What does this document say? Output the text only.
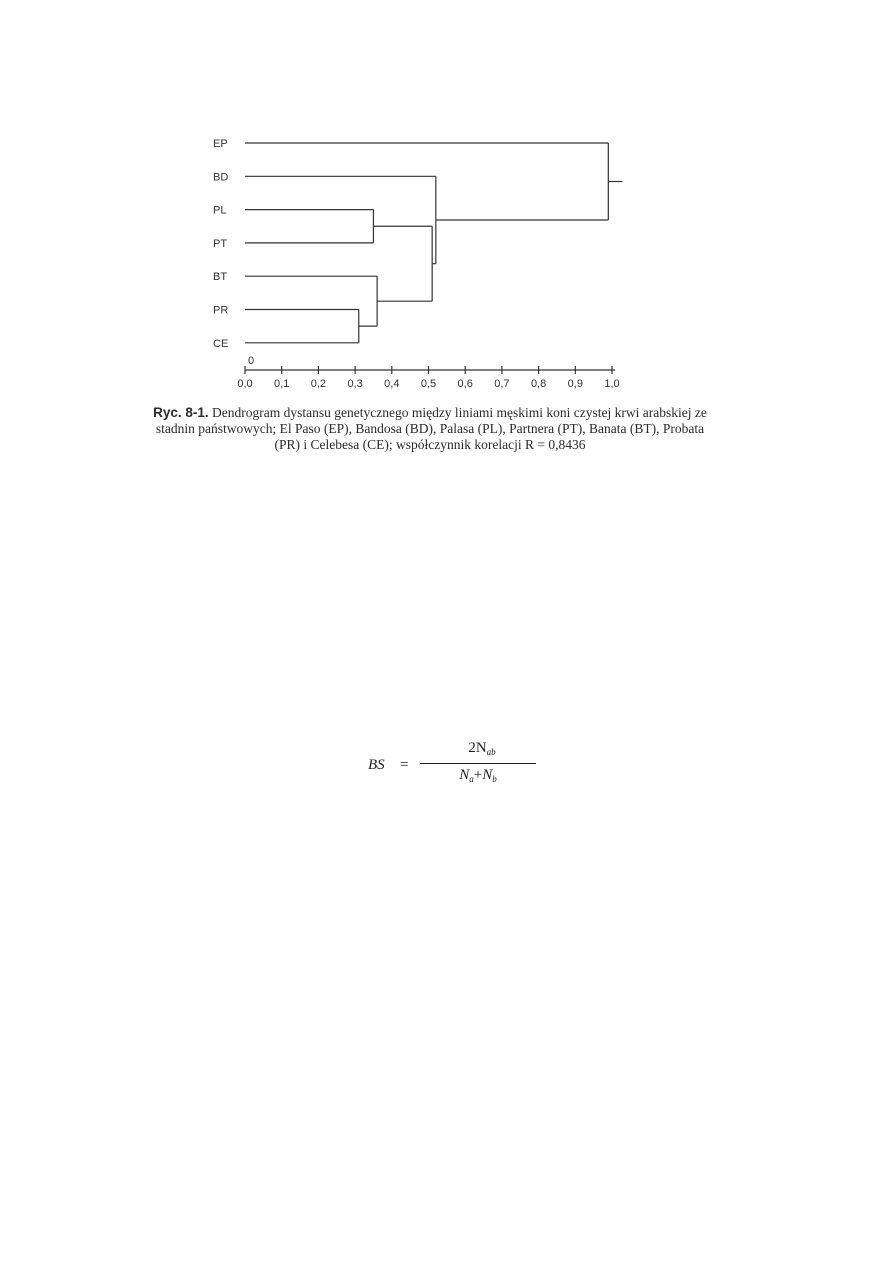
EP
BD
PL
PT
BT
PR
CE
0
0,0 0,1 0,2 0,3 0,4 0,5 0,6 0,7 0,8 0,9 1,0
Ryc. 8-1. Dendrogram dystansu genetycznego między liniami męskimi koni czystej krwi arabskiej ze stadnin państwowych; El Paso (EP), Bandosa (BD), Palasa (PL), Partnera (PT), Banata (BT), Probata (PR) i Celebesa (CE); współczynnik korelacji R = 0,8436
BS =
$2N_{ab}$
$N_a+N_b$
